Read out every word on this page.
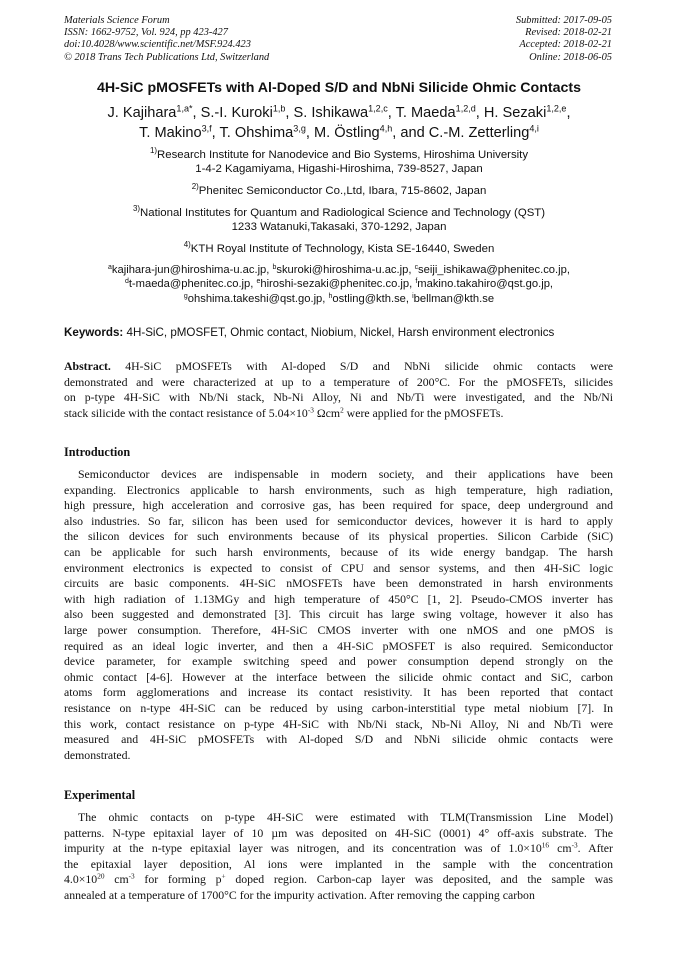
Materials Science Forum
ISSN: 1662-9752, Vol. 924, pp 423-427
doi:10.4028/www.scientific.net/MSF.924.423
© 2018 Trans Tech Publications Ltd, Switzerland
Submitted: 2017-09-05
Revised: 2018-02-21
Accepted: 2018-02-21
Online: 2018-06-05
4H-SiC pMOSFETs with Al-Doped S/D and NbNi Silicide Ohmic Contacts
J. Kajihara$^{1,a*}$, S.-I. Kuroki$^{1,b}$, S. Ishikawa$^{1,2,c}$, T. Maeda$^{1,2,d}$, H. Sezaki$^{1,2,e}$,
T. Makino$^{3,f}$, T. Ohshima$^{3,g}$, M. Östling$^{4,h}$, and C.-M. Zetterling$^{4,i}$
$^{1)}$Research Institute for Nanodevice and Bio Systems, Hiroshima University
1-4-2 Kagamiyama, Higashi-Hiroshima, 739-8527, Japan
$^{2)}$Phenitec Semiconductor Co.,Ltd, Ibara, 715-8602, Japan
$^{3)}$National Institutes for Quantum and Radiological Science and Technology (QST)
1233 Watanuki,Takasaki, 370-1292, Japan
$^{4)}$KTH Royal Institute of Technology, Kista SE-16440, Sweden
$^a$kajihara-jun@hiroshima-u.ac.jp, $^b$skuroki@hiroshima-u.ac.jp, $^c$seiji_ishikawa@phenitec.co.jp,
$^d$t-maeda@phenitec.co.jp, $^e$hiroshi-sezaki@phenitec.co.jp, $^f$makino.takahiro@qst.go.jp,
$^g$ohshima.takeshi@qst.go.jp, $^h$ostling@kth.se, $^i$bellman@kth.se
Keywords: 4H-SiC, pMOSFET, Ohmic contact, Niobium, Nickel, Harsh environment electronics
Abstract. 4H-SiC pMOSFETs with Al-doped S/D and NbNi silicide ohmic contacts were
demonstrated and were characterized at up to a temperature of 200°C. For the pMOSFETs, silicides
on p-type 4H-SiC with Nb/Ni stack, Nb-Ni Alloy, Ni and Nb/Ti were investigated, and the Nb/Ni
stack silicide with the contact resistance of $5.04\times 10^{-3}$ Ωcm$^2$ were applied for the pMOSFETs.
Introduction
Semiconductor devices are indispensable in modern society, and their applications have been
expanding. Electronics applicable to harsh environments, such as high temperature, high radiation,
high pressure, high acceleration and corrosive gas, has been required for space, deep underground and
also industries. So far, silicon has been used for semiconductor devices, however it is hard to apply
the silicon devices for such environments because of its physical properties. Silicon Carbide (SiC)
can be applicable for such harsh environments, because of its wide energy bandgap. The harsh
environment electronics is expected to consist of CPU and sensor systems, and then 4H-SiC logic
circuits are basic components. 4H-SiC nMOSFETs have been demonstrated in harsh environments
with high radiation of 1.13MGy and high temperature of 450°C [1, 2]. Pseudo-CMOS inverter has
also been suggested and demonstrated [3]. This circuit has large swing voltage, however it also has
large power consumption. Therefore, 4H-SiC CMOS inverter with one nMOS and one pMOS is
required as an ideal logic inverter, and then a 4H-SiC pMOSFET is also required. Semiconductor
device parameter, for example switching speed and power consumption depend strongly on the
ohmic contact [4-6]. However at the interface between the silicide ohmic contact and SiC, carbon
atoms form agglomerations and increase its contact resistivity. It has been reported that contact
resistance on n-type 4H-SiC can be reduced by using carbon-interstitial type metal niobium [7]. In
this work, contact resistance on p-type 4H-SiC with Nb/Ni stack, Nb-Ni Alloy, Ni and Nb/Ti were
measured and 4H-SiC pMOSFETs with Al-doped S/D and NbNi silicide ohmic contacts were
demonstrated.
Experimental
The ohmic contacts on p-type 4H-SiC were estimated with TLM(Transmission Line Model)
patterns. N-type epitaxial layer of 10 µm was deposited on 4H-SiC (0001) 4° off-axis substrate. The
impurity at the n-type epitaxial layer was nitrogen, and its concentration was of $1.0\times 10^{16}$ $cm^{-3}$. After
the epitaxial layer deposition, Al ions were implanted in the sample with the concentration
$4.0\times 10^{20}$ $cm^{-3}$ for forming p+ doped region. Carbon-cap layer was deposited, and the sample was
annealed at a temperature of 1700°C for the impurity activation. After removing the capping carbon
